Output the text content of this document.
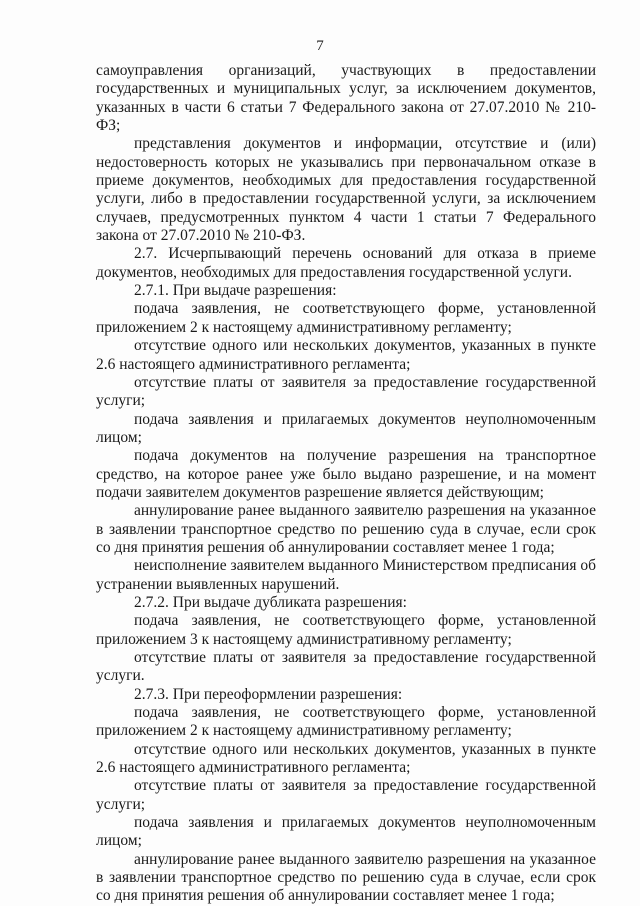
7

самоуправления организаций, участвующих в предоставлении государственных и муниципальных услуг, за исключением документов, указанных в части 6 статьи 7 Федерального закона от 27.07.2010 № 210-ФЗ;

представления документов и информации, отсутствие и (или) недостоверность которых не указывались при первоначальном отказе в приеме документов, необходимых для предоставления государственной услуги, либо в предоставлении государственной услуги, за исключением случаев, предусмотренных пунктом 4 части 1 статьи 7 Федерального закона от 27.07.2010 № 210-ФЗ.

2.7. Исчерпывающий перечень оснований для отказа в приеме документов, необходимых для предоставления государственной услуги.

2.7.1. При выдаче разрешения:

подача заявления, не соответствующего форме, установленной приложением 2 к настоящему административному регламенту;

отсутствие одного или нескольких документов, указанных в пункте 2.6 настоящего административного регламента;

отсутствие платы от заявителя за предоставление государственной услуги;

подача заявления и прилагаемых документов неуполномоченным лицом;

подача документов на получение разрешения на транспортное средство, на которое ранее уже было выдано разрешение, и на момент подачи заявителем документов разрешение является действующим;

аннулирование ранее выданного заявителю разрешения на указанное в заявлении транспортное средство по решению суда в случае, если срок со дня принятия решения об аннулировании составляет менее 1 года;

неисполнение заявителем выданного Министерством предписания об устранении выявленных нарушений.

2.7.2. При выдаче дубликата разрешения:

подача заявления, не соответствующего форме, установленной приложением 3 к настоящему административному регламенту;

отсутствие платы от заявителя за предоставление государственной услуги.

2.7.3. При переоформлении разрешения:

подача заявления, не соответствующего форме, установленной приложением 2 к настоящему административному регламенту;

отсутствие одного или нескольких документов, указанных в пункте 2.6 настоящего административного регламента;

отсутствие платы от заявителя за предоставление государственной услуги;

подача заявления и прилагаемых документов неуполномоченным лицом;

аннулирование ранее выданного заявителю разрешения на указанное в заявлении транспортное средство по решению суда в случае, если срок со дня принятия решения об аннулировании составляет менее 1 года;
